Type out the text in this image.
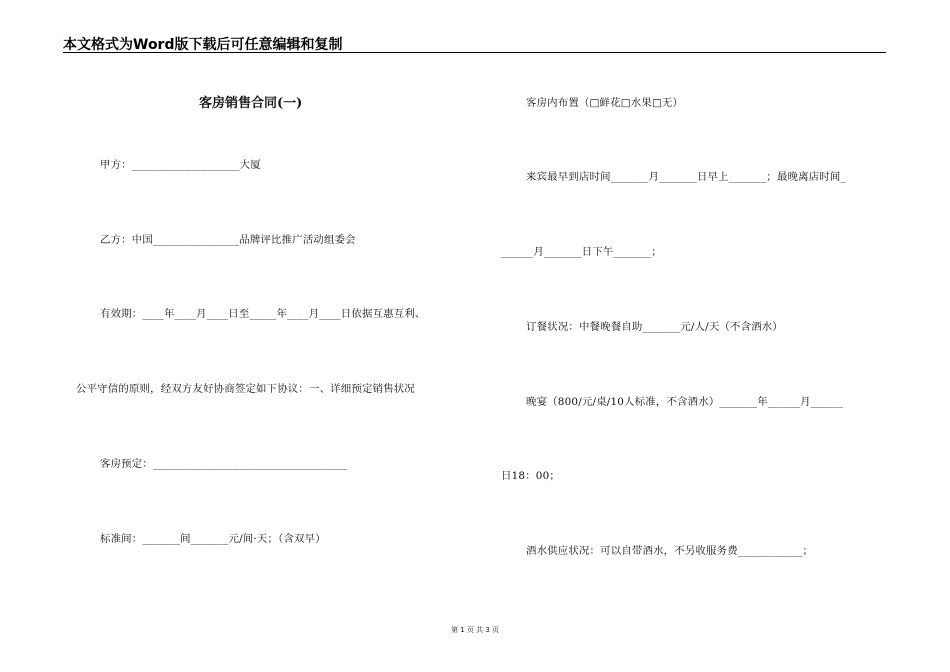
本文格式为Word版下载后可任意编辑和复制
客房销售合同(一)
甲方：____________________大厦
乙方：中国________________品牌评比推广活动组委会
有效期：____年____月____日至_____年____月____日依据互惠互利、
公平守信的原则，经双方友好协商签定如下协议：一、详细预定销售状况
客房预定：____________________________________
标准间：_______间_______元/间·天；（含双早）
客房内布置（□鲜花□水果□无）
来宾最早到店时间_______月_______日早上_______；最晚离店时间_
______月_______日下午_______；
订餐状况：中餐晚餐自助_______元/人/天（不含酒水）
晚宴（800/元/桌/10人标准，不含酒水）_______年______月______
日18：00；
酒水供应状况：可以自带酒水，不另收服务费____________；
第 1 页 共 3 页
